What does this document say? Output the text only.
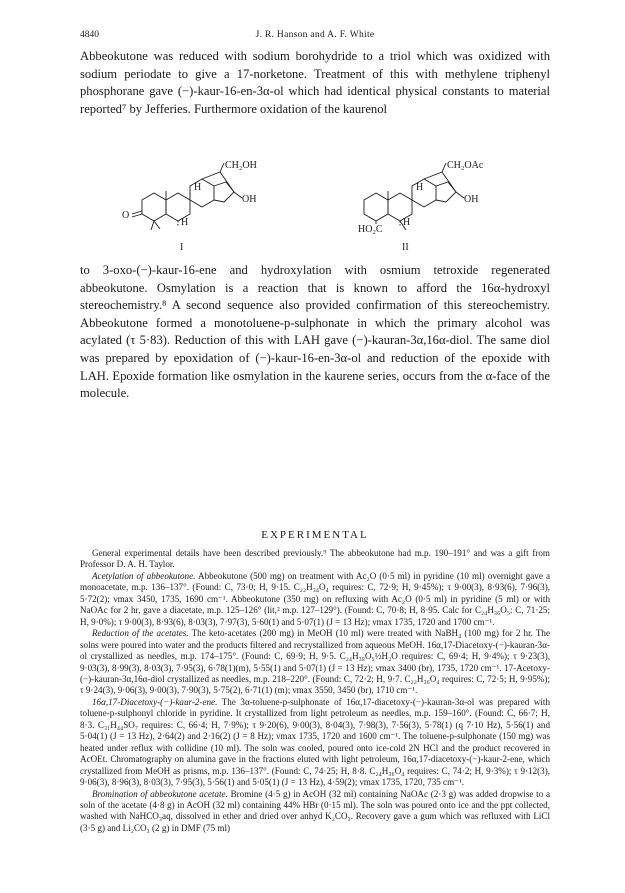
4840	J. R. Hanson and A. F. White

Abbeokutone was reduced with sodium borohydride to a triol which was oxidized with sodium periodate to give a 17-norketone. Treatment of this with methylene triphenyl phosphorane gave (−)-kaur-16-en-3α-ol which had identical physical constants to material reported⁷ by Jefferies. Furthermore oxidation of the kaurenol

CH₂OH
OH
H
H
O
I
CH₂OAc
OH
H
H
HO₂C
II

to 3-oxo-(−)-kaur-16-ene and hydroxylation with osmium tetroxide regenerated abbeokutone. Osmylation is a reaction that is known to afford the 16α-hydroxyl stereochemistry.⁸ A second sequence also provided confirmation of this stereochemistry. Abbeokutone formed a monotoluene-p-sulphonate in which the primary alcohol was acylated (τ 5·83). Reduction of this with LAH gave (−)-kauran-3α,16α-diol. The same diol was prepared by epoxidation of (−)-kaur-16-en-3α-ol and reduction of the epoxide with LAH. Epoxide formation like osmylation in the kaurene series, occurs from the α-face of the molecule.

EXPERIMENTAL

General experimental details have been described previously.⁹ The abbeokutone had m.p. 190–191° and was a gift from Professor D. A. H. Taylor.

Acetylation of abbeokutone. Abbeokutone (500 mg) on treatment with Ac₂O (0·5 ml) in pyridine (10 ml) overnight gave a monoacetate, m.p. 136–137°. (Found: C, 73·0; H, 9·15. C₂₂H₃₄O₄ requires: C, 72·9; H, 9·45%); τ 9·00(3), 8·93(6), 7·96(3), 5·72(2); νmax 3450, 1735, 1690 cm⁻¹. Abbeokutone (350 mg) on refluxing with Ac₂O (0·5 ml) in pyridine (5 ml) or with NaOAc for 2 hr, gave a diacetate, m.p. 125–126° (lit,² m.p. 127–129°). (Found: C, 70·8; H, 8·95. Calc for C₂₄H₃₆O₅: C, 71·25; H, 9·0%); τ 9·00(3), 8·93(6), 8·03(3), 7·97(3), 5·60(1) and 5·07(1) (J = 13 Hz); νmax 1735, 1720 and 1700 cm⁻¹.

Reduction of the acetates. The keto-acetates (200 mg) in MeOH (10 ml) were treated with NaBH₄ (100 mg) for 2 hr. The solns were poured into water and the products filtered and recrystallized from aqueous MeOH. 16α,17-Diacetoxy-(−)-kauran-3α-ol crystallized as needles, m.p. 174–175°. (Found: C, 69·9; H, 9·5. C₂₄H₃₈O₅½H₂O requires: C, 69·4; H, 9·4%); τ 9·23(3), 9·03(3), 8·99(3), 8·03(3), 7·95(3), 6·78(1)(m), 5·55(1) and 5·07(1) (J = 13 Hz); νmax 3400 (br), 1735, 1720 cm⁻¹. 17-Acetoxy-(−)-kauran-3α,16α-diol crystallized as needles, m.p. 218–220°. (Found: C, 72·2; H, 9·7. C₂₂H₃₆O₄ requires: C, 72·5; H, 9·95%); τ 9·24(3), 9·06(3), 9·00(3), 7·90(3), 5·75(2), 6·71(1) (m); νmax 3550, 3450 (br), 1710 cm⁻¹.

16α,17-Diacetoxy-(−)-kaur-2-ene. The 3α-toluene-p-sulphonate of 16α,17-diacetoxy-(−)-kauran-3α-ol was prepared with toluene-p-sulphonyl chloride in pyridine. It crystallized from light petroleum as needles, m.p. 159–160°. (Found: C, 66·7; H, 8·3. C₃₁H₄₄SO₇ requires: C, 66·4; H, 7·9%); τ 9·20(6), 9·00(3), 8·04(3), 7·98(3), 7·56(3), 5·78(1) (q 7·10 Hz), 5·56(1) and 5·04(1) (J = 13 Hz), 2·64(2) and 2·16(2) (J = 8 Hz); νmax 1735, 1720 and 1600 cm⁻¹. The toluene-p-sulphonate (150 mg) was heated under reflux with collidine (10 ml). The soln was cooled, poured onto ice-cold 2N HCl and the product recovered in AcOEt. Chromatography on alumina gave in the fractions eluted with light petroleum, 16α,17-diacetoxy-(−)-kaur-2-ene, which crystallized from MeOH as prisms, m.p. 136–137°. (Found: C, 74·25; H, 8·8. C₂₄H₃₆O₄ requires: C, 74·2; H, 9·3%); τ 9·12(3), 9·06(3), 8·96(3), 8·03(3), 7·95(3), 5·56(1) and 5·05(1) (J = 13 Hz), 4·59(2); νmax 1735, 1720, 735 cm⁻¹.

Bromination of abbeokutone acetate. Bromine (4·5 g) in AcOH (32 ml) containing NaOAc (2·3 g) was added dropwise to a soln of the acetate (4·8 g) in AcOH (32 ml) containing 44% HBr (0·15 ml). The soln was poured onto ice and the ppt collected, washed with NaHCO₃aq, dissolved in ether and dried over anhyd K₂CO₃. Recovery gave a gum which was refluxed with LiCl (3·5 g) and Li₂CO₃ (2 g) in DMF (75 ml)
